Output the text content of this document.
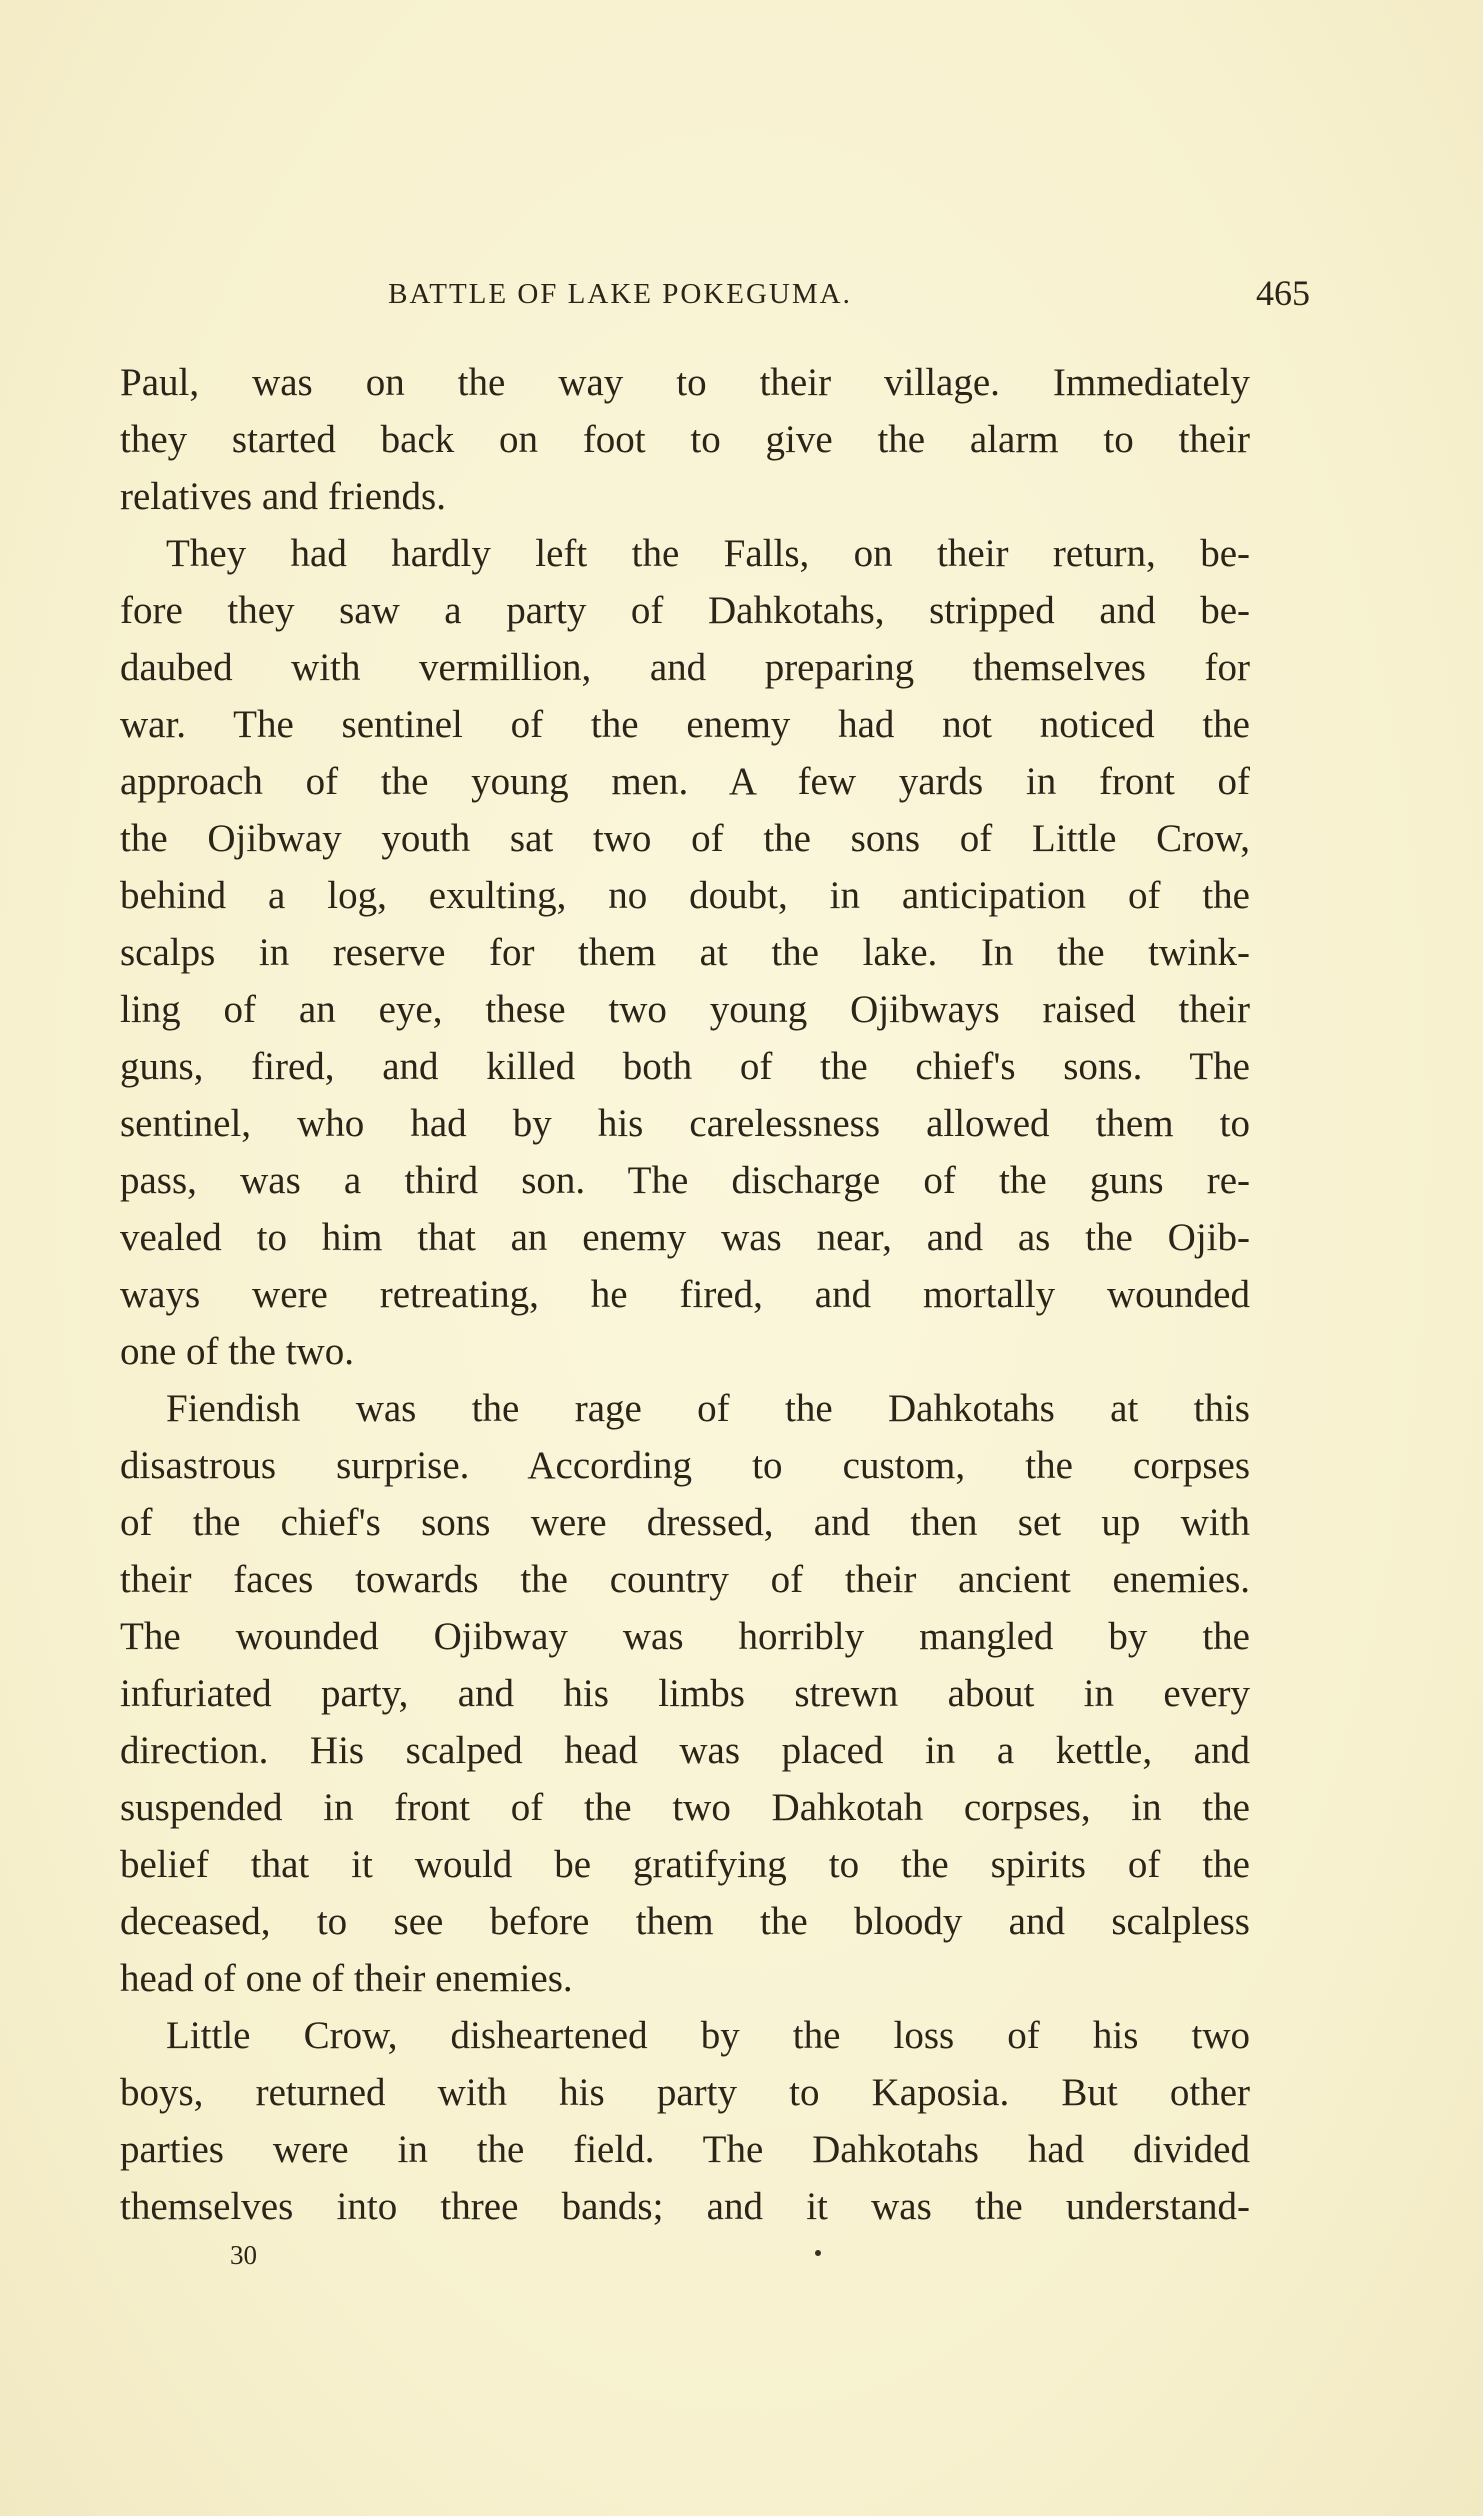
BATTLE OF LAKE POKEGUMA.	465
Paul, was on the way to their village. Immediately
they started back on foot to give the alarm to their
relatives and friends.
They had hardly left the Falls, on their return, be-
fore they saw a party of Dahkotahs, stripped and be-
daubed with vermillion, and preparing themselves for
war. The sentinel of the enemy had not noticed the
approach of the young men. A few yards in front of
the Ojibway youth sat two of the sons of Little Crow,
behind a log, exulting, no doubt, in anticipation of the
scalps in reserve for them at the lake. In the twink-
ling of an eye, these two young Ojibways raised their
guns, fired, and killed both of the chief's sons. The
sentinel, who had by his carelessness allowed them to
pass, was a third son. The discharge of the guns re-
vealed to him that an enemy was near, and as the Ojib-
ways were retreating, he fired, and mortally wounded
one of the two.
Fiendish was the rage of the Dahkotahs at this
disastrous surprise. According to custom, the corpses
of the chief's sons were dressed, and then set up with
their faces towards the country of their ancient enemies.
The wounded Ojibway was horribly mangled by the
infuriated party, and his limbs strewn about in every
direction. His scalped head was placed in a kettle, and
suspended in front of the two Dahkotah corpses, in the
belief that it would be gratifying to the spirits of the
deceased, to see before them the bloody and scalpless
head of one of their enemies.
Little Crow, disheartened by the loss of his two
boys, returned with his party to Kaposia. But other
parties were in the field. The Dahkotahs had divided
themselves into three bands; and it was the understand-
30
